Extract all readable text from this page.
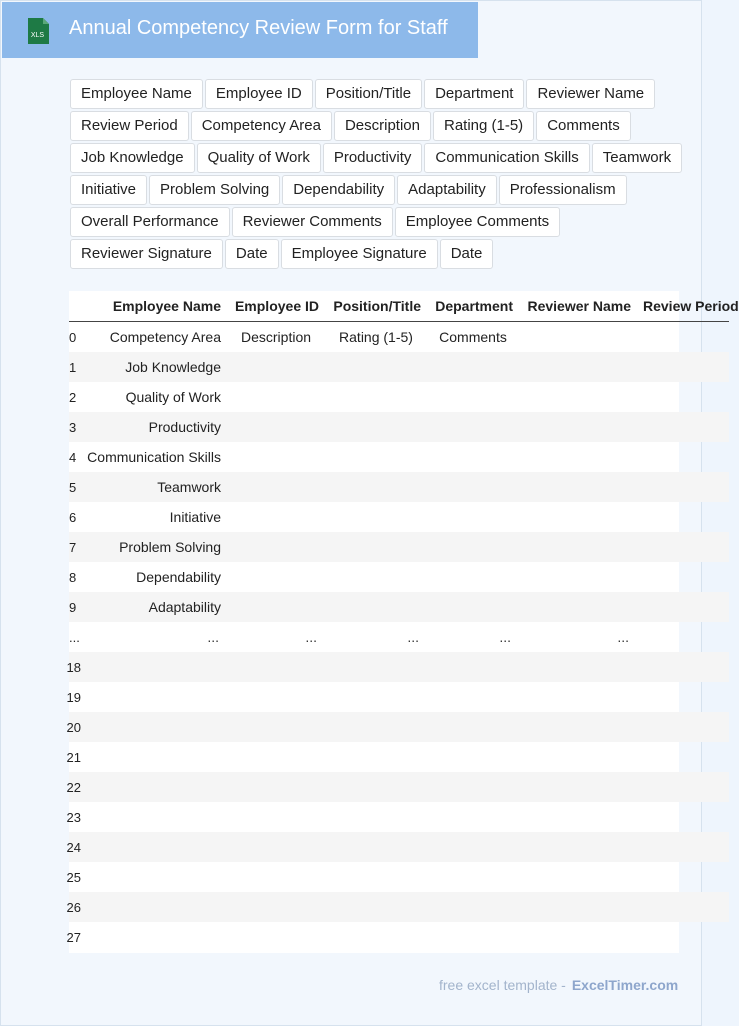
XLS Annual Competency Review Form for Staff
Employee Name	Employee ID	Position/Title	Department	Reviewer Name
Review Period	Competency Area	Description	Rating (1-5)	Comments
Job Knowledge	Quality of Work	Productivity	Communication Skills	Teamwork
Initiative	Problem Solving	Dependability	Adaptability	Professionalism
Overall Performance	Reviewer Comments	Employee Comments
Reviewer Signature	Date	Employee Signature	Date
	Employee Name	Employee ID	Position/Title	Department	Reviewer Name	Review Period
0	Competency Area	Description	Rating (1-5)	Comments		
1	Job Knowledge					
2	Quality of Work					
3	Productivity					
4	Communication Skills					
5	Teamwork					
6	Initiative					
7	Problem Solving					
8	Dependability					
9	Adaptability					
...	...	...	...	...	...	
18						
19						
20						
21						
22						
23						
24						
25						
26						
27						
free excel template - ExcelTimer.com
